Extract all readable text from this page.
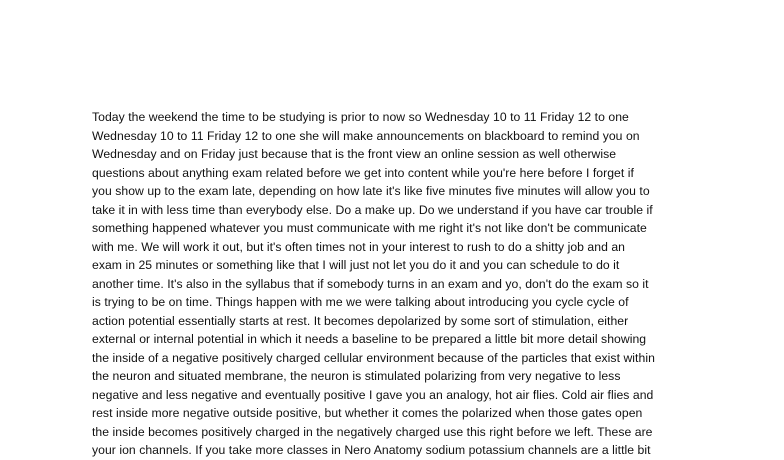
Today the weekend the time to be studying is prior to now so Wednesday 10 to 11 Friday 12 to one
Wednesday 10 to 11 Friday 12 to one she will make announcements on blackboard to remind you on
Wednesday and on Friday just because that is the front view an online session as well otherwise
questions about anything exam related before we get into content while you're here before I forget if
you show up to the exam late, depending on how late it's like five minutes five minutes will allow you to
take it in with less time than everybody else. Do a make up. Do we understand if you have car trouble if
something happened whatever you must communicate with me right it's not like don't be communicate
with me. We will work it out, but it's often times not in your interest to rush to do a shitty job and an
exam in 25 minutes or something like that I will just not let you do it and you can schedule to do it
another time. It's also in the syllabus that if somebody turns in an exam and yo, don't do the exam so it
is trying to be on time. Things happen with me we were talking about introducing you cycle cycle of
action potential essentially starts at rest. It becomes depolarized by some sort of stimulation, either
external or internal potential in which it needs a baseline to be prepared a little bit more detail showing
the inside of a negative positively charged cellular environment because of the particles that exist within
the neuron and situated membrane, the neuron is stimulated polarizing from very negative to less
negative and less negative and eventually positive I gave you an analogy, hot air flies. Cold air flies and
rest inside more negative outside positive, but whether it comes the polarized when those gates open
the inside becomes positively charged in the negatively charged use this right before we left. These are
your ion channels. If you take more classes in Nero Anatomy sodium potassium channels are a little bit
